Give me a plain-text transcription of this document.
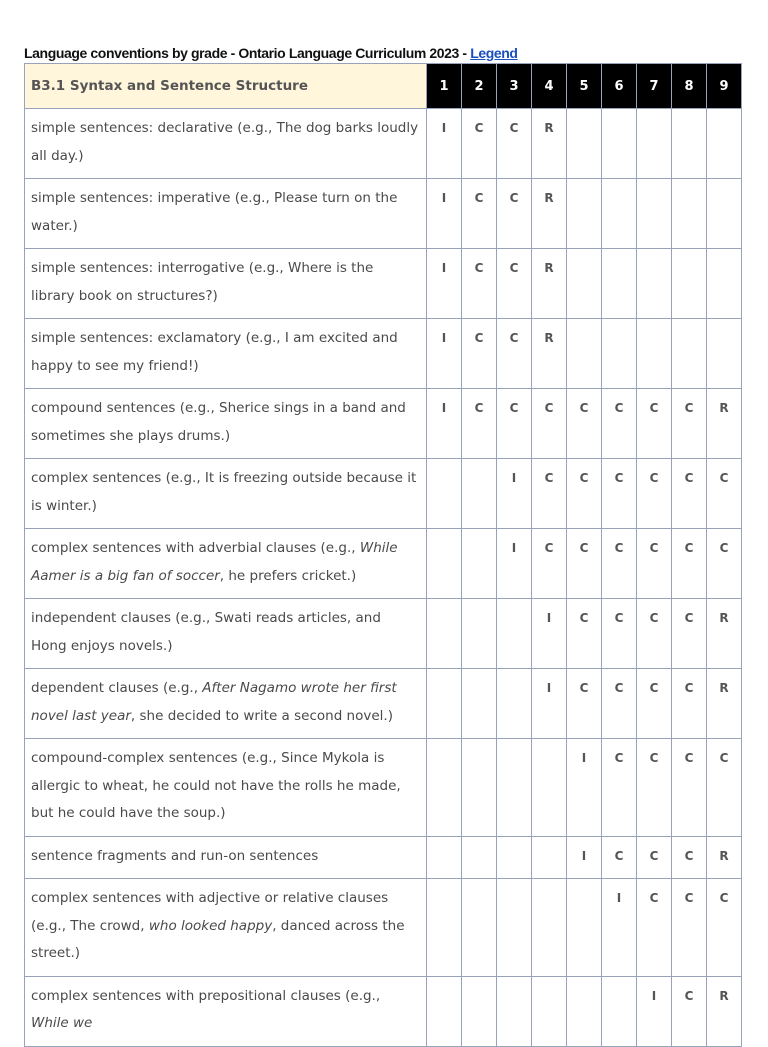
Language conventions by grade - Ontario Language Curriculum 2023 - Legend
B3.1 Syntax and Sentence Structure	1	2	3	4	5	6	7	8	9
simple sentences: declarative (e.g., The dog barks loudly all day.)	I	C	C	R					
simple sentences: imperative (e.g., Please turn on the water.)	I	C	C	R					
simple sentences: interrogative (e.g., Where is the library book on structures?)	I	C	C	R					
simple sentences: exclamatory (e.g., I am excited and happy to see my friend!)	I	C	C	R					
compound sentences (e.g., Sherice sings in a band and sometimes she plays drums.)	I	C	C	C	C	C	C	C	R
complex sentences (e.g., It is freezing outside because it is winter.)			I	C	C	C	C	C	C
complex sentences with adverbial clauses (e.g., While Aamer is a big fan of soccer, he prefers cricket.)			I	C	C	C	C	C	C
independent clauses (e.g., Swati reads articles, and Hong enjoys novels.)				I	C	C	C	C	R
dependent clauses (e.g., After Nagamo wrote her first novel last year, she decided to write a second novel.)				I	C	C	C	C	R
compound-complex sentences (e.g., Since Mykola is allergic to wheat, he could not have the rolls he made, but he could have the soup.)					I	C	C	C	C
sentence fragments and run-on sentences					I	C	C	C	R
complex sentences with adjective or relative clauses (e.g., The crowd, who looked happy, danced across the street.)						I	C	C	C
complex sentences with prepositional clauses (e.g., While we							I	C	R
